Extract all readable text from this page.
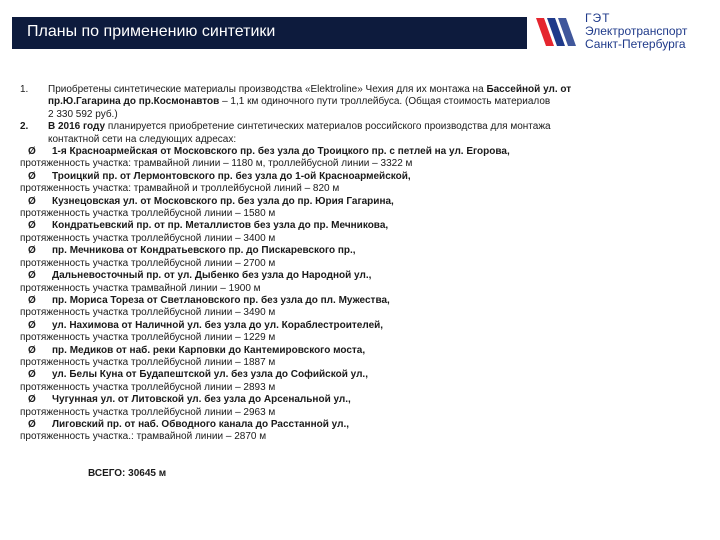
Планы по применению синтетики
ГЭТ
Электротранспорт
Санкт-Петербурга
1. Приобретены синтетические материалы производства «Elektroline» Чехия для их монтажа на Бассейной ул. от
пр.Ю.Гагарина до пр.Космонавтов – 1,1 км одиночного пути троллейбуса. (Общая стоимость материалов
2 330 592 руб.)
2. В 2016 году планируется приобретение синтетических материалов российского производства для монтажа
контактной сети на следующих адресах:
Ø	1-я Красноармейская от Московского пр. без узла до Троицкого пр. с петлей на ул. Егорова,
протяженность участка: трамвайной линии – 1180 м, троллейбусной линии – 3322 м
Ø	Троицкий пр. от Лермонтовского пр. без узла до 1-ой Красноармейской,
протяженность участка: трамвайной и троллейбусной линий – 820 м
Ø	Кузнецовская ул. от Московского пр. без узла до пр. Юрия Гагарина,
протяженность участка троллейбусной линии – 1580 м
Ø	Кондратьевский пр. от пр. Металлистов без узла до пр. Мечникова,
протяженность участка троллейбусной линии – 3400 м
Ø	пр. Мечникова от Кондратьевского пр. до Пискаревского пр.,
протяженность участка троллейбусной линии – 2700 м
Ø	Дальневосточный пр. от ул. Дыбенко без узла до Народной ул.,
протяженность участка трамвайной линии – 1900 м
Ø	пр. Мориса Тореза от Светлановского пр. без узла до пл. Мужества,
протяженность участка троллейбусной линии – 3490 м
Ø	ул. Нахимова от Наличной ул. без узла до ул. Кораблестроителей,
протяженность участка троллейбусной линии – 1229 м
Ø	пр. Медиков от наб. реки Карповки до Кантемировского моста,
протяженность участка троллейбусной линии – 1887 м
Ø	ул. Белы Куна от Будапештской ул. без узла до Софийской ул.,
протяженность участка троллейбусной линии – 2893 м
Ø	Чугунная ул. от Литовской ул. без узла до Арсенальной ул.,
протяженность участка троллейбусной линии – 2963 м
Ø	Лиговский пр. от наб. Обводного канала до Расстанной ул.,
протяженность участка.: трамвайной линии – 2870 м
ВСЕГО: 30645 м
